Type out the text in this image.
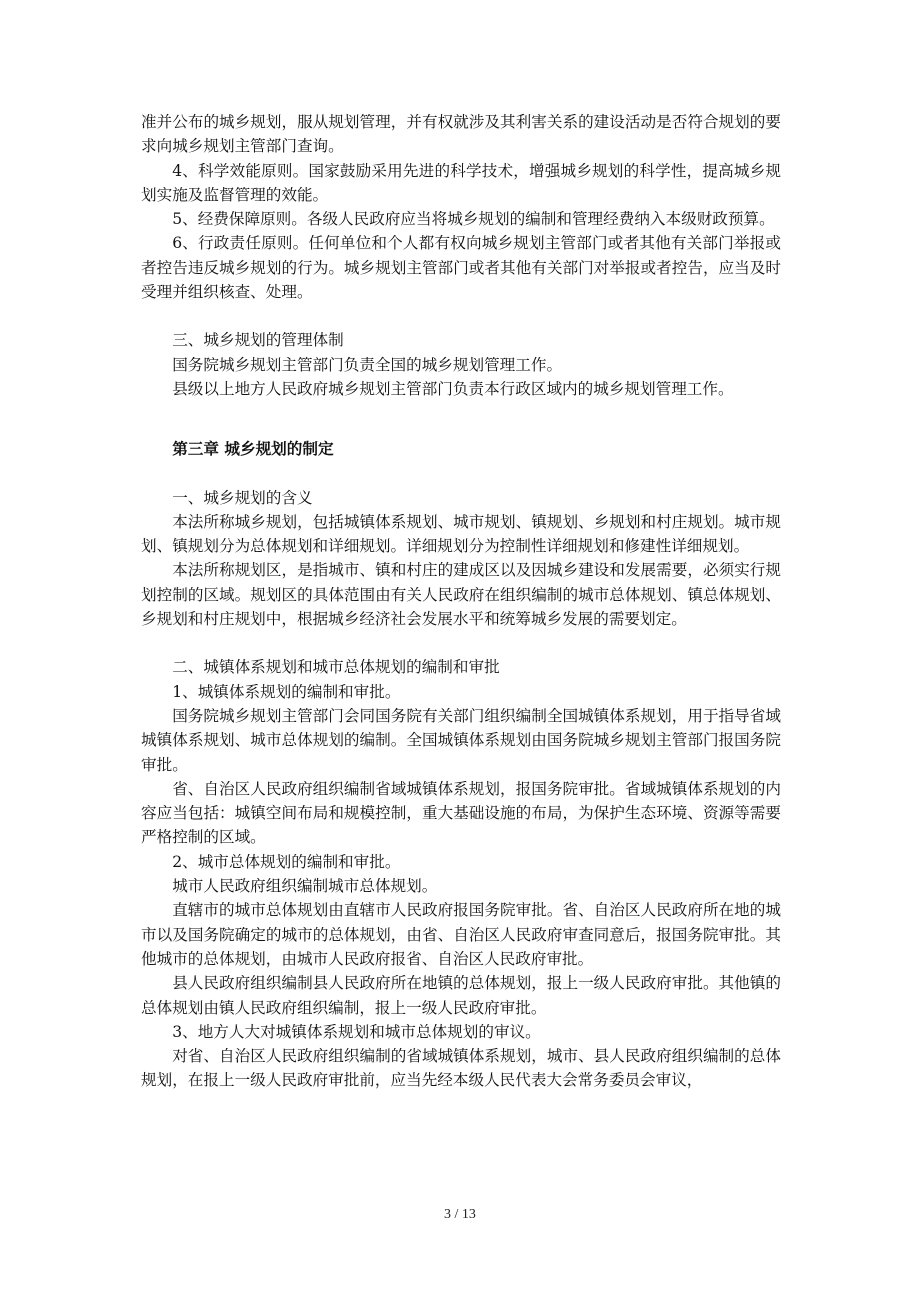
准并公布的城乡规划，服从规划管理，并有权就涉及其利害关系的建设活动是否符合规划的要求向城乡规划主管部门查询。

4、科学效能原则。国家鼓励采用先进的科学技术，增强城乡规划的科学性，提高城乡规划实施及监督管理的效能。

5、经费保障原则。各级人民政府应当将城乡规划的编制和管理经费纳入本级财政预算。

6、行政责任原则。任何单位和个人都有权向城乡规划主管部门或者其他有关部门举报或者控告违反城乡规划的行为。城乡规划主管部门或者其他有关部门对举报或者控告，应当及时受理并组织核查、处理。

三、城乡规划的管理体制

国务院城乡规划主管部门负责全国的城乡规划管理工作。

县级以上地方人民政府城乡规划主管部门负责本行政区域内的城乡规划管理工作。

第三章 城乡规划的制定

一、城乡规划的含义

本法所称城乡规划，包括城镇体系规划、城市规划、镇规划、乡规划和村庄规划。城市规划、镇规划分为总体规划和详细规划。详细规划分为控制性详细规划和修建性详细规划。

本法所称规划区，是指城市、镇和村庄的建成区以及因城乡建设和发展需要，必须实行规划控制的区域。规划区的具体范围由有关人民政府在组织编制的城市总体规划、镇总体规划、乡规划和村庄规划中，根据城乡经济社会发展水平和统筹城乡发展的需要划定。

二、城镇体系规划和城市总体规划的编制和审批

1、城镇体系规划的编制和审批。

国务院城乡规划主管部门会同国务院有关部门组织编制全国城镇体系规划，用于指导省域城镇体系规划、城市总体规划的编制。全国城镇体系规划由国务院城乡规划主管部门报国务院审批。

省、自治区人民政府组织编制省域城镇体系规划，报国务院审批。省域城镇体系规划的内容应当包括：城镇空间布局和规模控制，重大基础设施的布局，为保护生态环境、资源等需要严格控制的区域。

2、城市总体规划的编制和审批。

城市人民政府组织编制城市总体规划。

直辖市的城市总体规划由直辖市人民政府报国务院审批。省、自治区人民政府所在地的城市以及国务院确定的城市的总体规划，由省、自治区人民政府审查同意后，报国务院审批。其他城市的总体规划，由城市人民政府报省、自治区人民政府审批。

县人民政府组织编制县人民政府所在地镇的总体规划，报上一级人民政府审批。其他镇的总体规划由镇人民政府组织编制，报上一级人民政府审批。

3、地方人大对城镇体系规划和城市总体规划的审议。

对省、自治区人民政府组织编制的省域城镇体系规划，城市、县人民政府组织编制的总体规划，在报上一级人民政府审批前，应当先经本级人民代表大会常务委员会审议，

3 / 13
